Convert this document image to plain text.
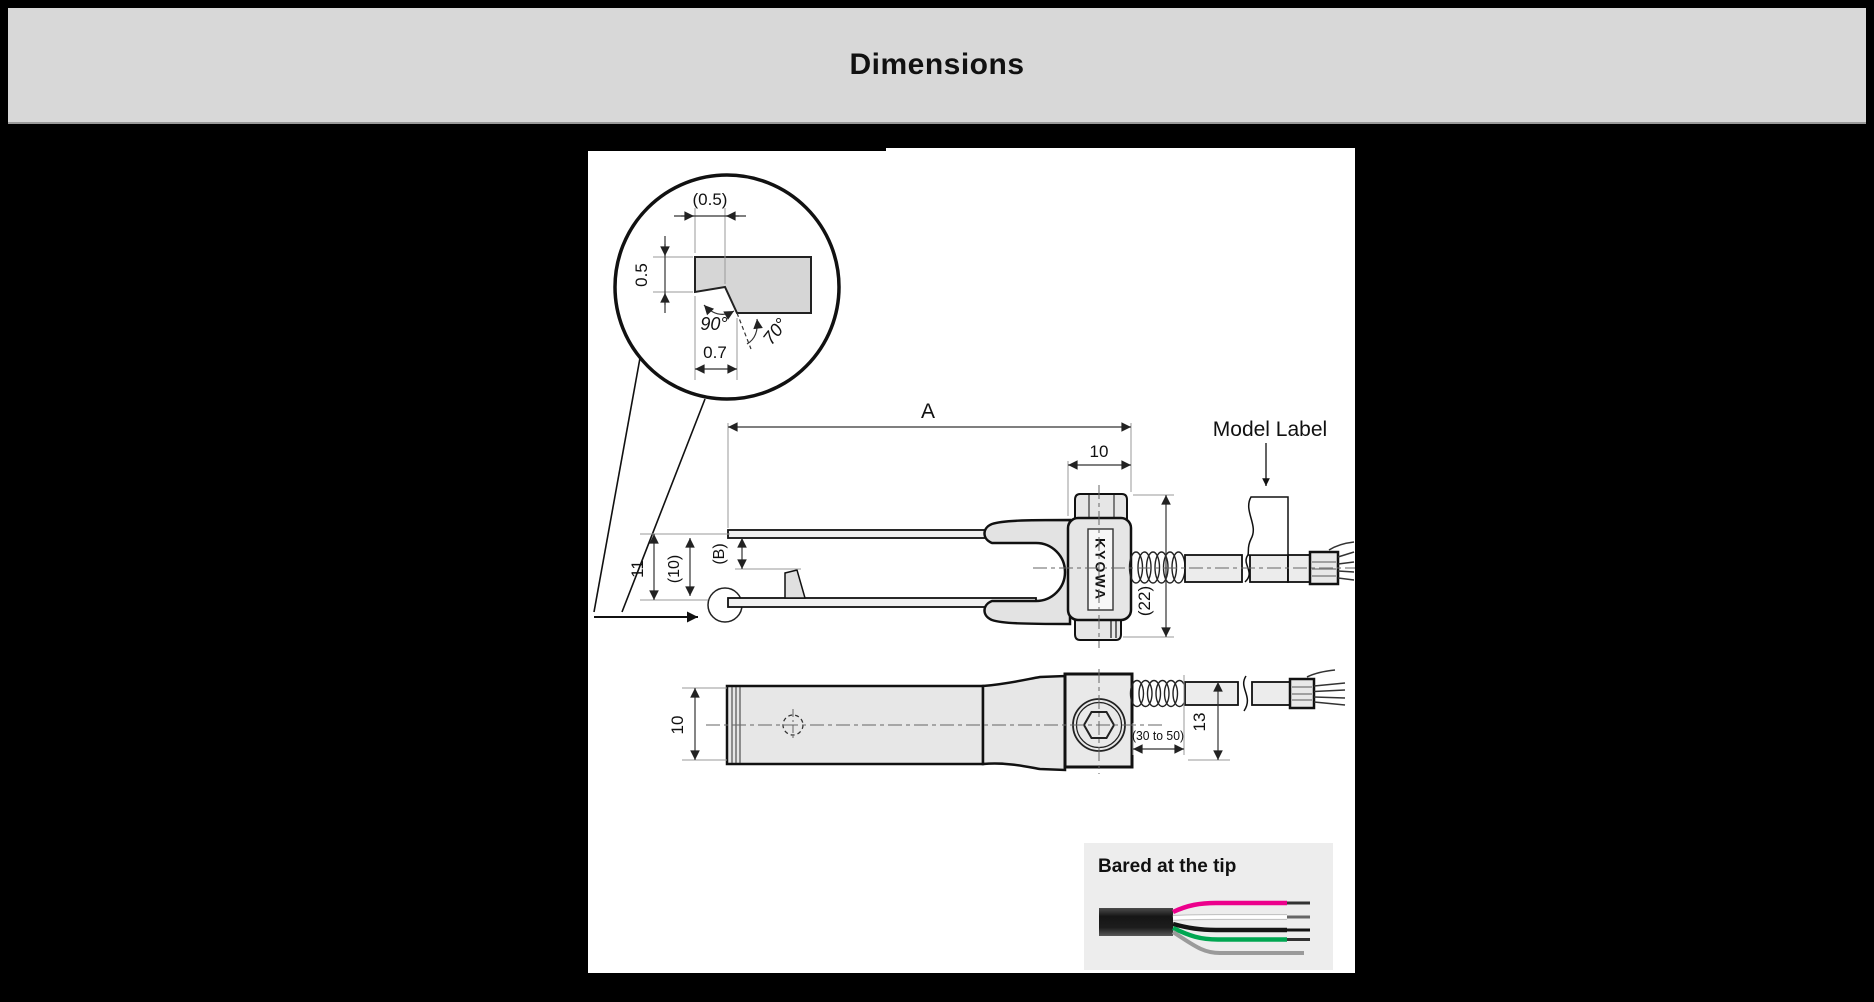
Dimensions
(0.5)
0.5
90° 70°
0.7
KYOWA
A
10
(22)
11 (10)
(B)
Model Label
10
(30 to 50)
13
Bared at the tip
